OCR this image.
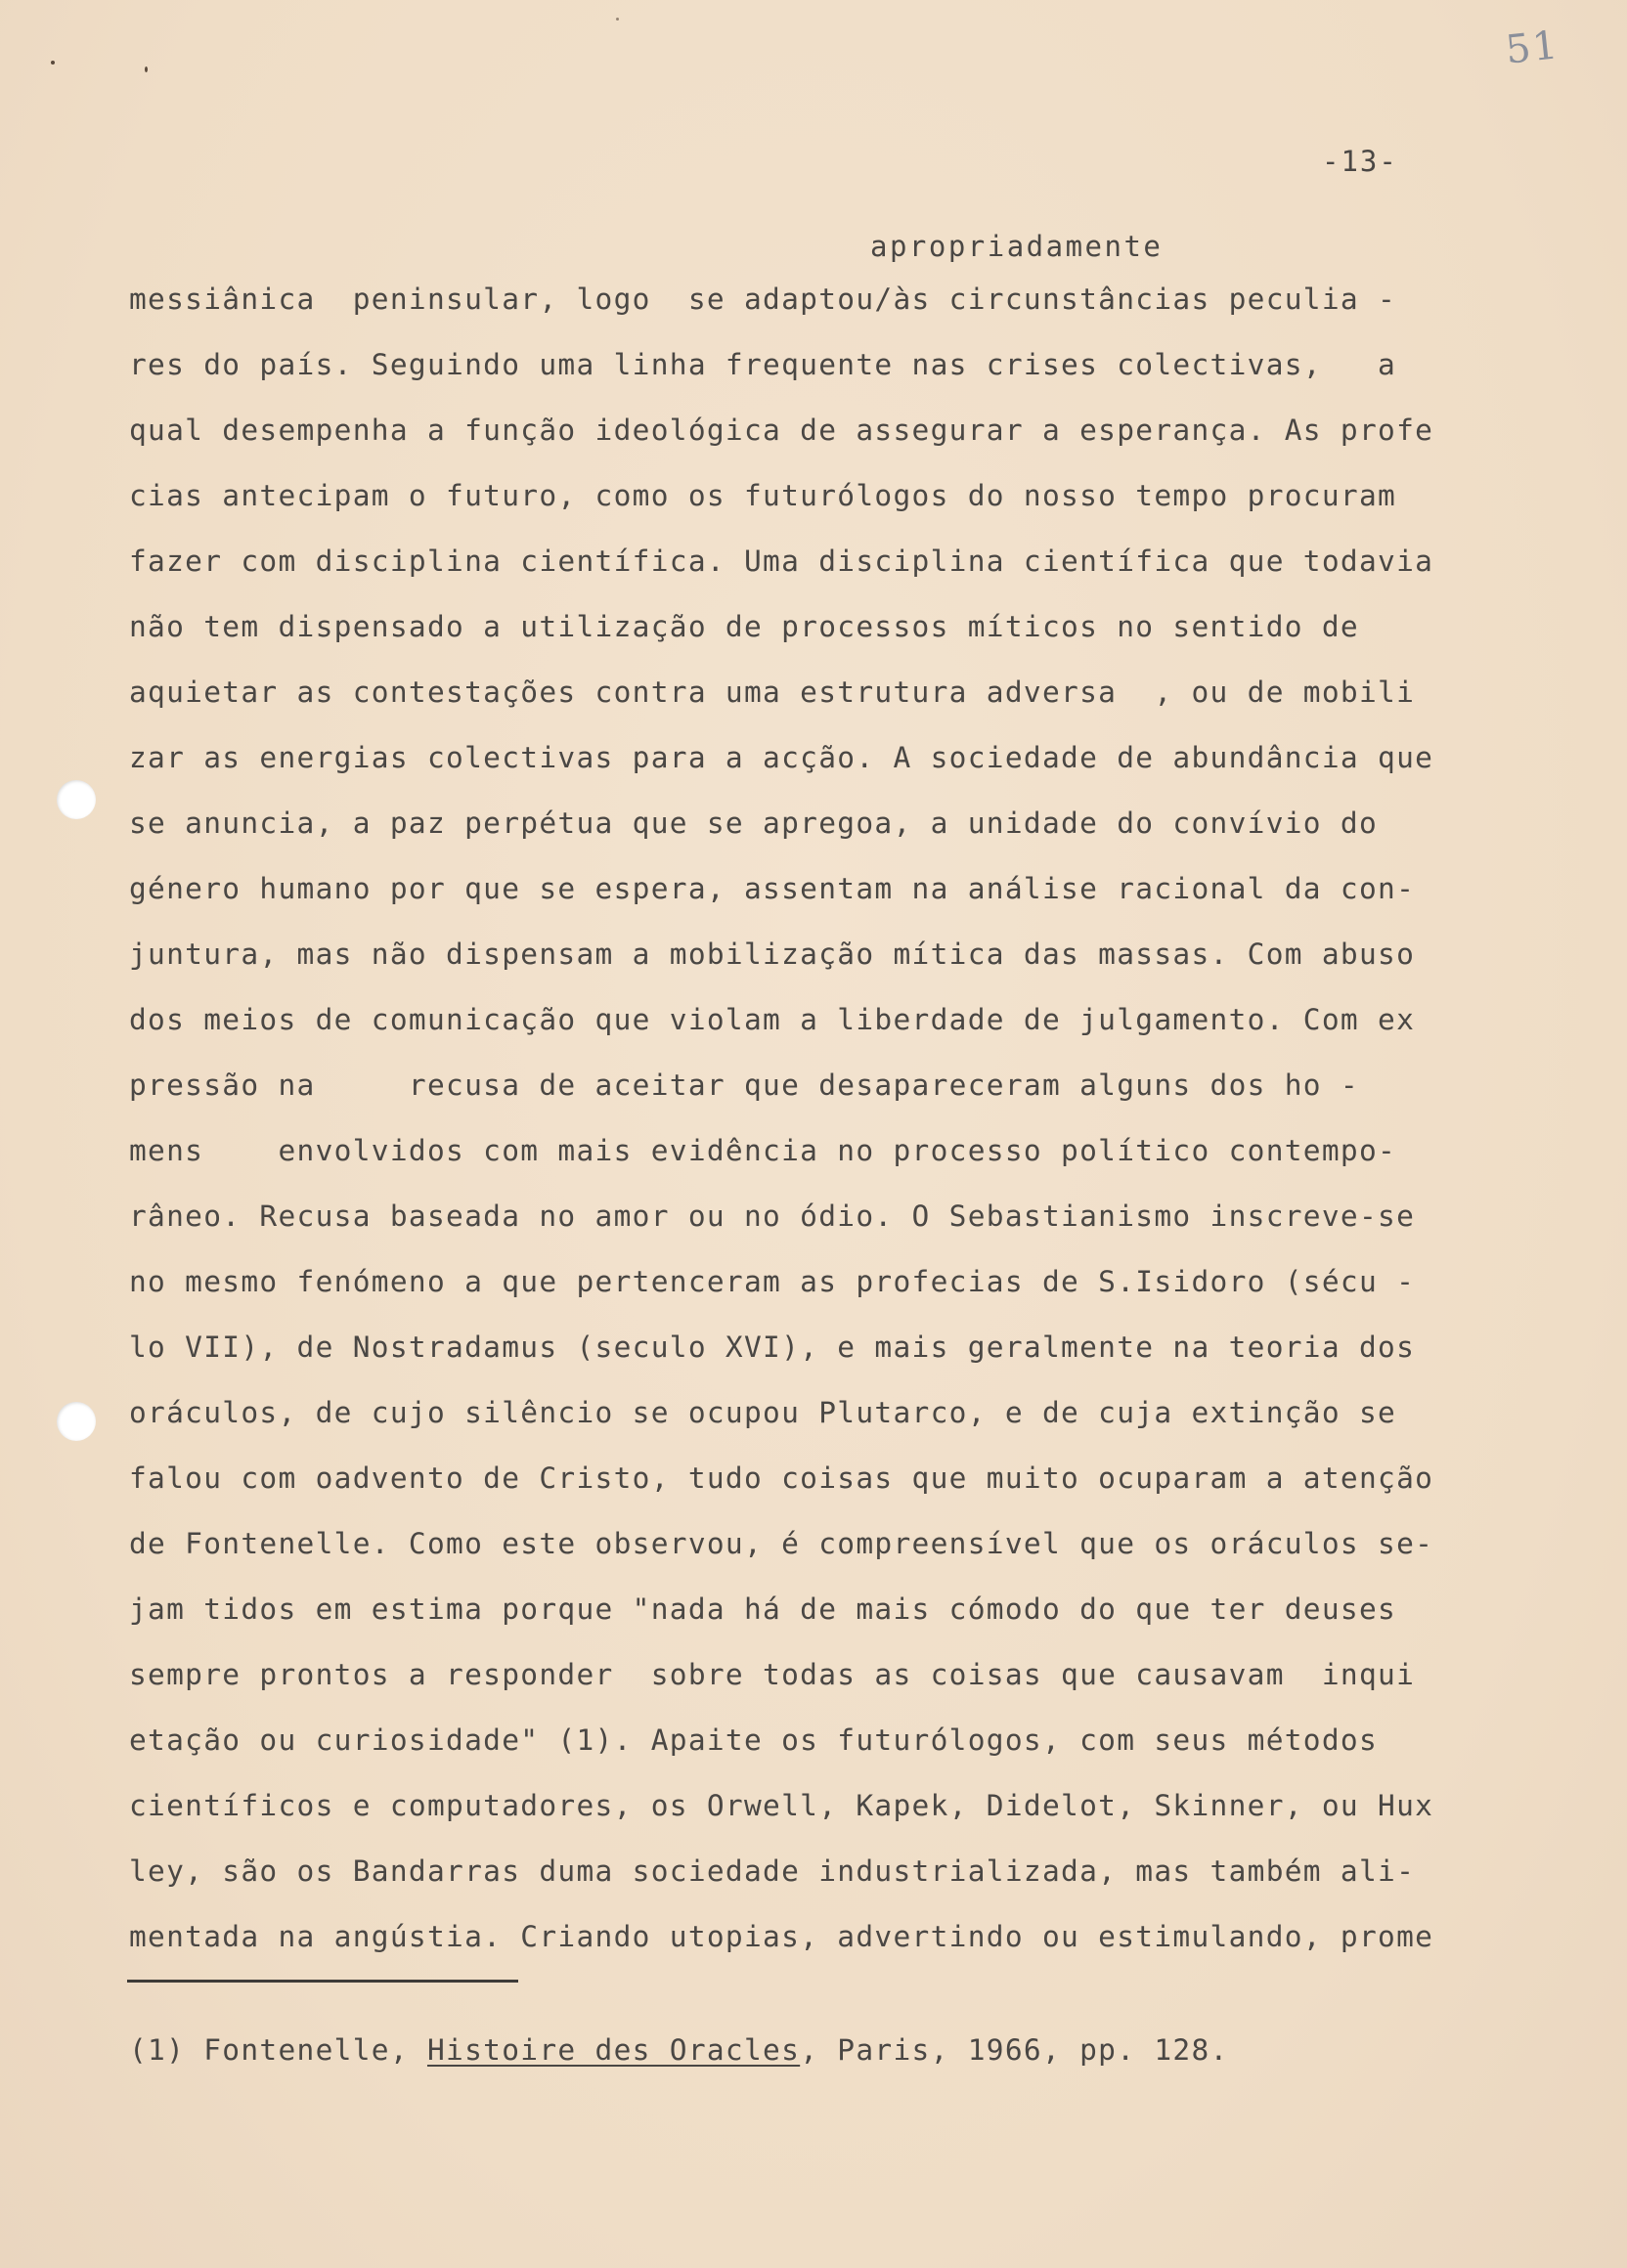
51
-13-
apropriadamente
messiânica  peninsular, logo  se adaptou/às circunstâncias peculia -
res do país. Seguindo uma linha frequente nas crises colectivas,   a
qual desempenha a função ideológica de assegurar a esperança. As profe
cias antecipam o futuro, como os futurólogos do nosso tempo procuram
fazer com disciplina científica. Uma disciplina científica que todavia
não tem dispensado a utilização de processos míticos no sentido de
aquietar as contestações contra uma estrutura adversa  , ou de mobili
zar as energias colectivas para a acção. A sociedade de abundância que
se anuncia, a paz perpétua que se apregoa, a unidade do convívio do
género humano por que se espera, assentam na análise racional da con-
juntura, mas não dispensam a mobilização mítica das massas. Com abuso
dos meios de comunicação que violam a liberdade de julgamento. Com ex
pressão na     recusa de aceitar que desapareceram alguns dos ho -
mens    envolvidos com mais evidência no processo político contempo-
râneo. Recusa baseada no amor ou no ódio. O Sebastianismo inscreve-se
no mesmo fenómeno a que pertenceram as profecias de S.Isidoro (sécu -
lo VII), de Nostradamus (seculo XVI), e mais geralmente na teoria dos
oráculos, de cujo silêncio se ocupou Plutarco, e de cuja extinção se
falou com oadvento de Cristo, tudo coisas que muito ocuparam a atenção
de Fontenelle. Como este observou, é compreensível que os oráculos se-
jam tidos em estima porque "nada há de mais cómodo do que ter deuses
sempre prontos a responder  sobre todas as coisas que causavam  inqui
etação ou curiosidade" (1). Apaite os futurólogos, com seus métodos
científicos e computadores, os Orwell, Kapek, Didelot, Skinner, ou Hux
ley, são os Bandarras duma sociedade industrializada, mas também ali-
mentada na angústia. Criando utopias, advertindo ou estimulando, prome
(1) Fontenelle, Histoire des Oracles, Paris, 1966, pp. 128.
